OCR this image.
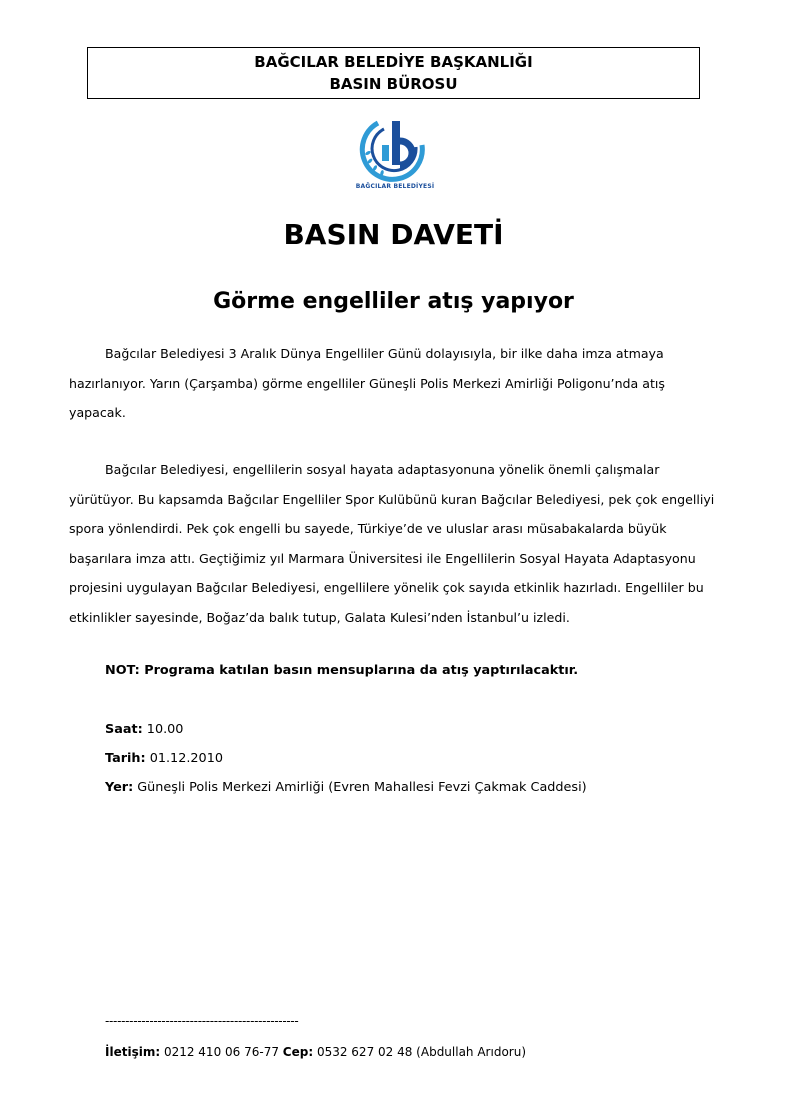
BAĞCILAR BELEDİYE BAŞKANLIĞI
BASIN BÜROSU
BAĞCILAR BELEDİYESİ
BASIN DAVETİ
Görme engelliler atış yapıyor

Bağcılar Belediyesi 3 Aralık Dünya Engelliler Günü dolayısıyla, bir ilke daha imza atmaya hazırlanıyor. Yarın (Çarşamba) görme engelliler Güneşli Polis Merkezi Amirliği Poligonu’nda atış yapacak.

Bağcılar Belediyesi, engellilerin sosyal hayata adaptasyonuna yönelik önemli çalışmalar yürütüyor. Bu kapsamda Bağcılar Engelliler Spor Kulübünü kuran Bağcılar Belediyesi, pek çok engelliyi spora yönlendirdi. Pek çok engelli bu sayede, Türkiye’de ve uluslar arası müsabakalarda büyük başarılara imza attı. Geçtiğimiz yıl Marmara Üniversitesi ile Engellilerin Sosyal Hayata Adaptasyonu projesini uygulayan Bağcılar Belediyesi, engellilere yönelik çok sayıda etkinlik hazırladı. Engelliler bu etkinlikler sayesinde, Boğaz’da balık tutup, Galata Kulesi’nden İstanbul’u izledi.

NOT: Programa katılan basın mensuplarına da atış yaptırılacaktır.
Saat: 10.00
Tarih: 01.12.2010
Yer: Güneşli Polis Merkezi Amirliği (Evren Mahallesi Fevzi Çakmak Caddesi)
------------------------------------------------
İletişim: 0212 410 06 76-77 Cep: 0532 627 02 48 (Abdullah Arıdoru)
